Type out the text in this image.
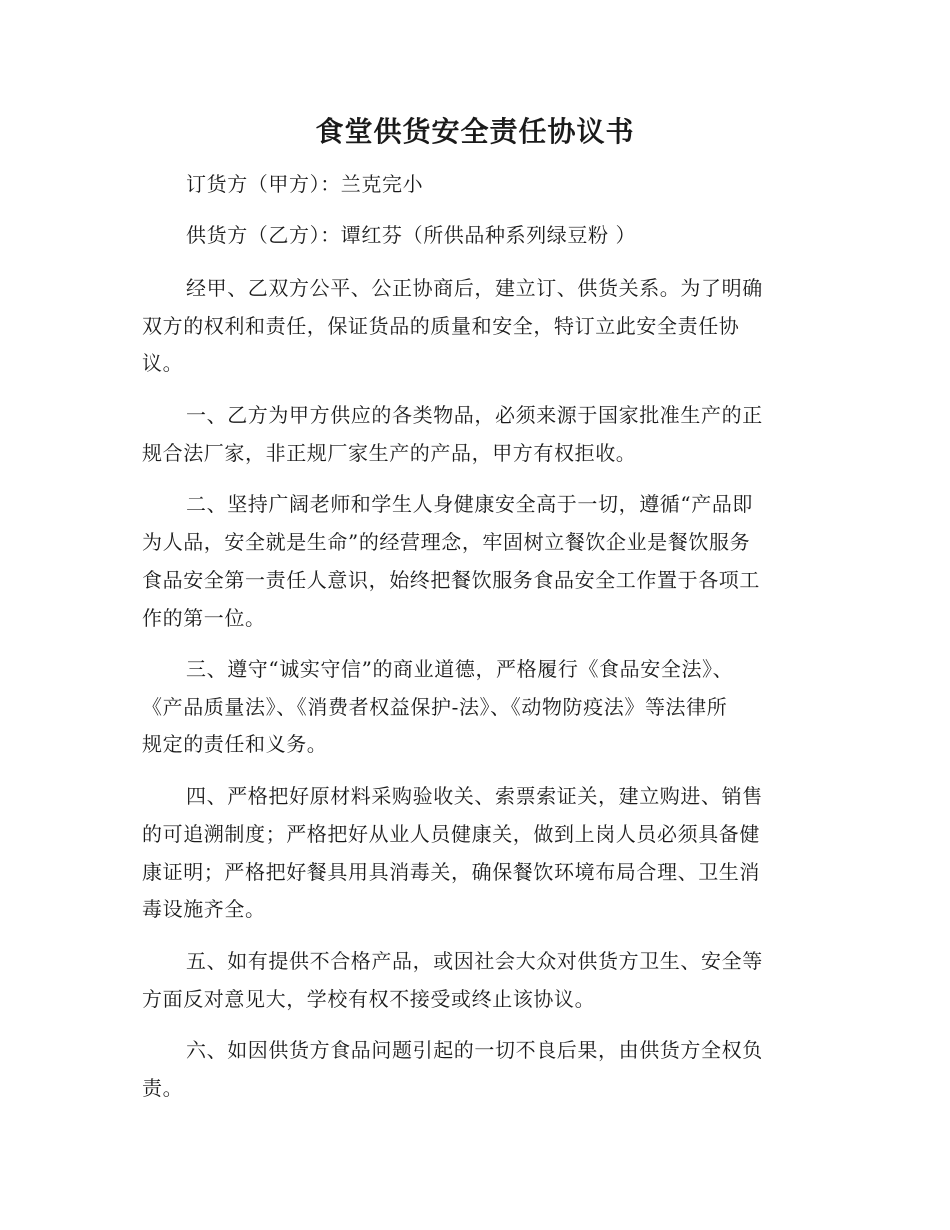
食堂供货安全责任协议书
订货方（甲方）：兰克完小
供货方（乙方）：谭红芬（所供品种系列绿豆粉 ）
经甲、乙双方公平、公正协商后，建立订、供货关系。为了明确
双方的权利和责任，保证货品的质量和安全，特订立此安全责任协
议。
一、乙方为甲方供应的各类物品，必须来源于国家批准生产的正
规合法厂家，非正规厂家生产的产品，甲方有权拒收。
二、坚持广阔老师和学生人身健康安全高于一切，遵循“产品即
为人品，安全就是生命”的经营理念，牢固树立餐饮企业是餐饮服务
食品安全第一责任人意识，始终把餐饮服务食品安全工作置于各项工
作的第一位。
三、遵守“诚实守信”的商业道德，严格履行《食品安全法》、
《产品质量法》、《消费者权益保护-法》、《动物防疫法》等法律所
规定的责任和义务。
四、严格把好原材料采购验收关、索票索证关，建立购进、销售
的可追溯制度；严格把好从业人员健康关，做到上岗人员必须具备健
康证明；严格把好餐具用具消毒关，确保餐饮环境布局合理、卫生消
毒设施齐全。
五、如有提供不合格产品，或因社会大众对供货方卫生、安全等
方面反对意见大，学校有权不接受或终止该协议。
六、如因供货方食品问题引起的一切不良后果，由供货方全权负
责。
